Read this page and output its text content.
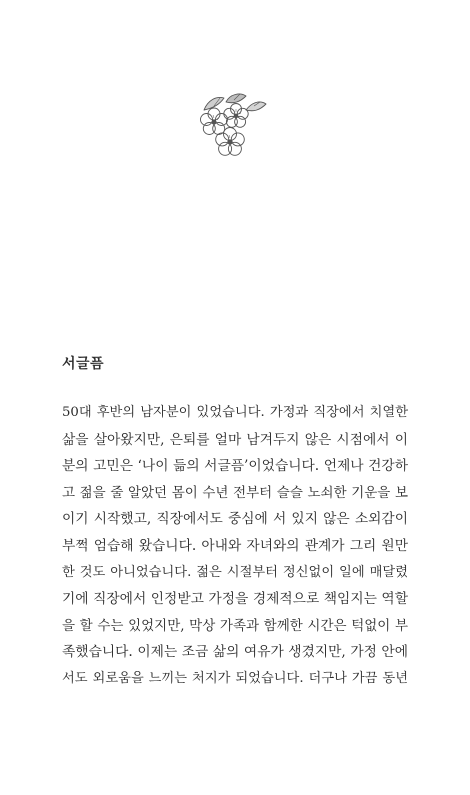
서글픔
50대 후반의 남자분이 있었습니다. 가정과 직장에서 치열한
삶을 살아왔지만, 은퇴를 얼마 남겨두지 않은 시점에서 이
분의 고민은 ‘나이 듦의 서글픔’이었습니다. 언제나 건강하
고 젊을 줄 알았던 몸이 수년 전부터 슬슬 노쇠한 기운을 보
이기 시작했고, 직장에서도 중심에 서 있지 않은 소외감이
부쩍 엄습해 왔습니다. 아내와 자녀와의 관계가 그리 원만
한 것도 아니었습니다. 젊은 시절부터 정신없이 일에 매달렸
기에 직장에서 인정받고 가정을 경제적으로 책임지는 역할
을 할 수는 있었지만, 막상 가족과 함께한 시간은 턱없이 부
족했습니다. 이제는 조금 삶의 여유가 생겼지만, 가정 안에
서도 외로움을 느끼는 처지가 되었습니다. 더구나 가끔 동년
